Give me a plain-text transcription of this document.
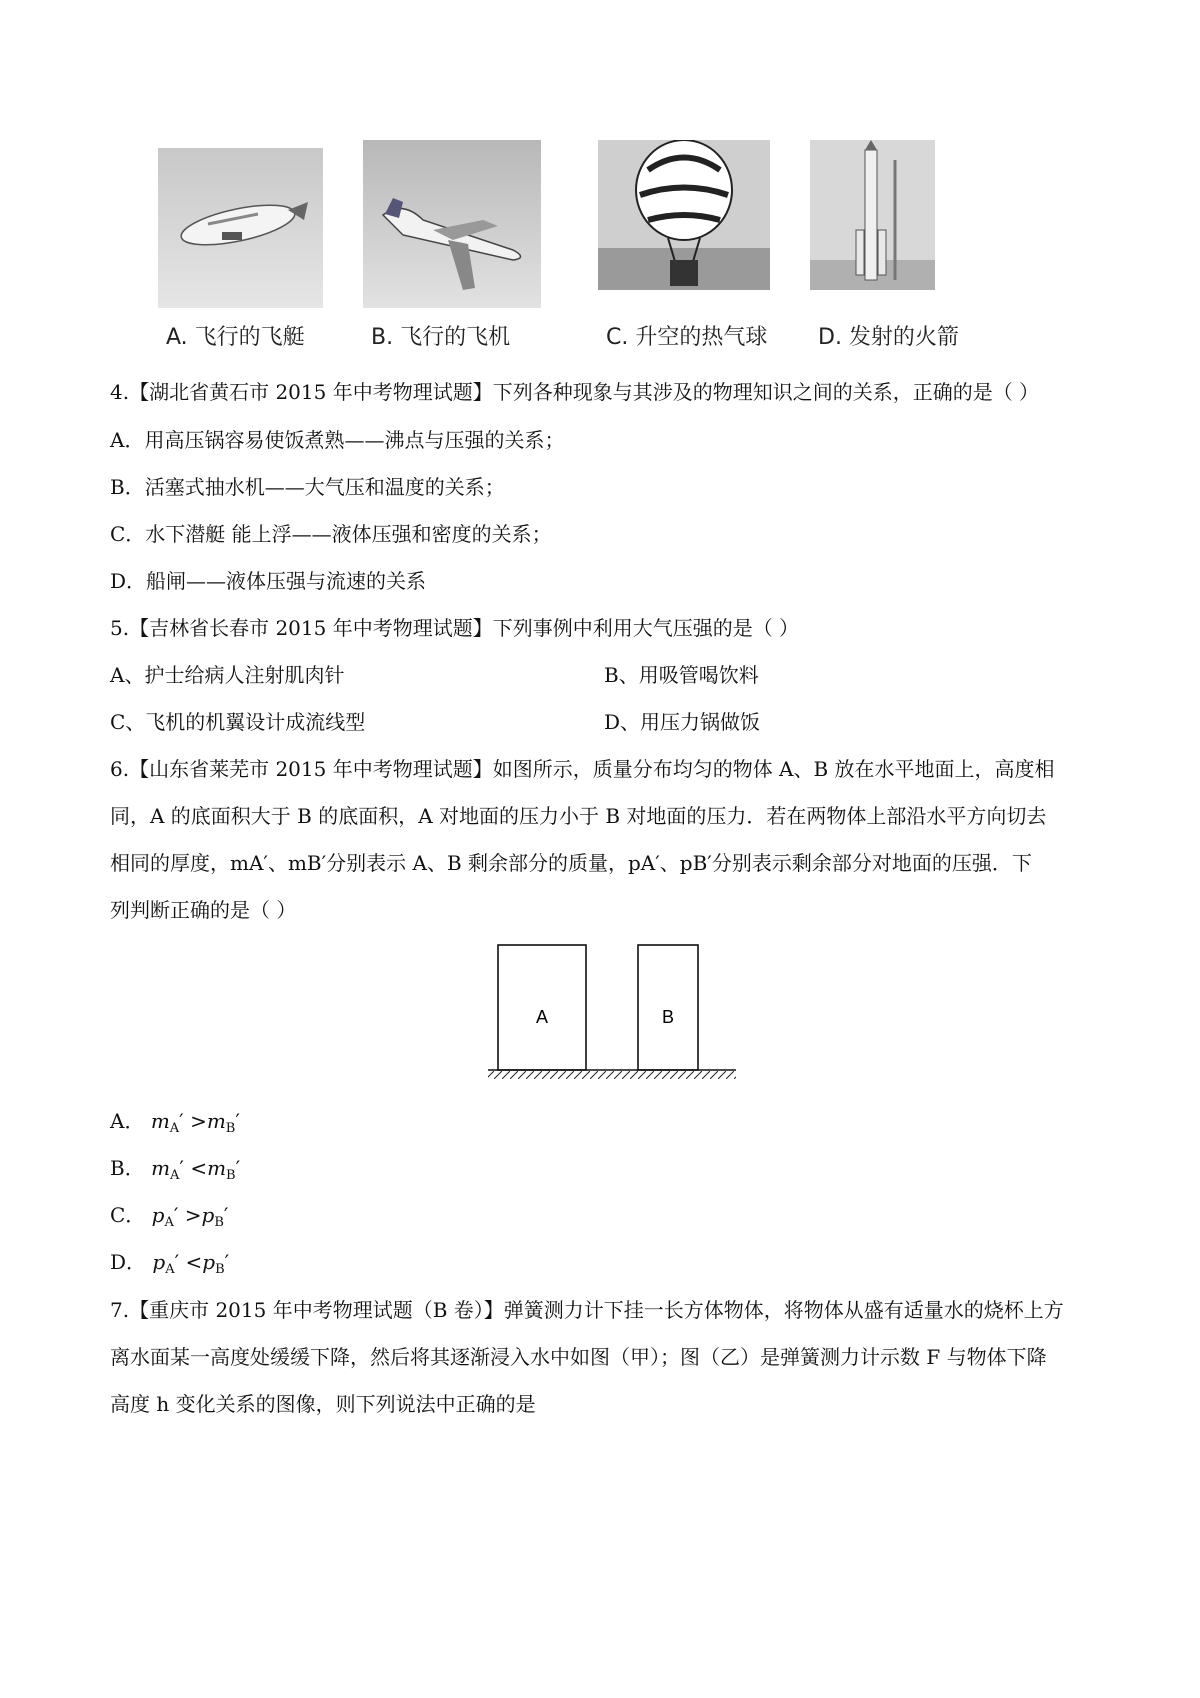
A. 飞行的飞艇	B. 飞行的飞机	C. 升空的热气球 D. 发射的火箭
4.【湖北省黄石市 2015 年中考物理试题】下列各种现象与其涉及的物理知识之间的关系，正确的是（ ）
A．用高压锅容易使饭煮熟——沸点与压强的关系；
B．活塞式抽水机——大气压和温度的关系；
C．水下潜艇 能上浮——液体压强和密度的关系；
D．船闸——液体压强与流速的关系
5.【吉林省长春市 2015 年中考物理试题】下列事例中利用大气压强的是（ ）
A、护士给病人注射肌肉针	B、用吸管喝饮料
C、飞机的机翼设计成流线型	D、用压力锅做饭
6.【山东省莱芜市 2015 年中考物理试题】如图所示，质量分布均匀的物体 A、B 放在水平地面上，高度相
同，A 的底面积大于 B 的底面积，A 对地面的压力小于 B 对地面的压力．若在两物体上部沿水平方向切去
相同的厚度，mA′、mB′分别表示 A、B 剩余部分的质量，pA′、pB′分别表示剩余部分对地面的压强．下
列判断正确的是（ ）
A	B
A． $m_A' >m_B'$
B． $m_A' <m_B'$
C． $p_A' >p_B'$
D． $p_A' <p_B'$
7.【重庆市 2015 年中考物理试题（B 卷）】弹簧测力计下挂一长方体物体，将物体从盛有适量水的烧杯上方
离水面某一高度处缓缓下降，然后将其逐渐浸入水中如图（甲）；图（乙）是弹簧测力计示数 F 与物体下降
高度 h 变化关系的图像，则下列说法中正确的是
